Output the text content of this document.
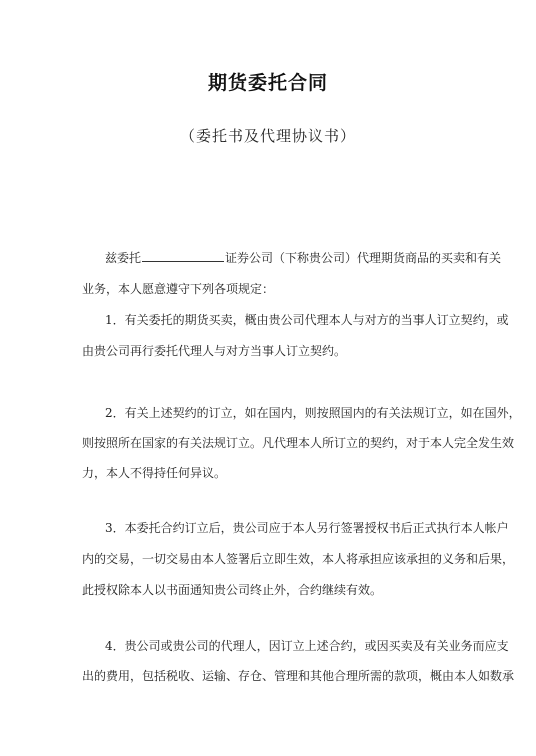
期货委托合同
（委托书及代理协议书）
兹委托	证券公司（下称贵公司）代理期货商品的买卖和有关
业务，本人愿意遵守下列各项规定：
1．有关委托的期货买卖，概由贵公司代理本人与对方的当事人订立契约，或
由贵公司再行委托代理人与对方当事人订立契约。
2．有关上述契约的订立，如在国内，则按照国内的有关法规订立，如在国外，
则按照所在国家的有关法规订立。凡代理本人所订立的契约，对于本人完全发生效
力，本人不得持任何异议。
3．本委托合约订立后，贵公司应于本人另行签署授权书后正式执行本人帐户
内的交易，一切交易由本人签署后立即生效，本人将承担应该承担的义务和后果，
此授权除本人以书面通知贵公司终止外，合约继续有效。
4．贵公司或贵公司的代理人，因订立上述合约，或因买卖及有关业务而应支
出的费用，包括税收、运输、存仓、管理和其他合理所需的款项，概由本人如数承
